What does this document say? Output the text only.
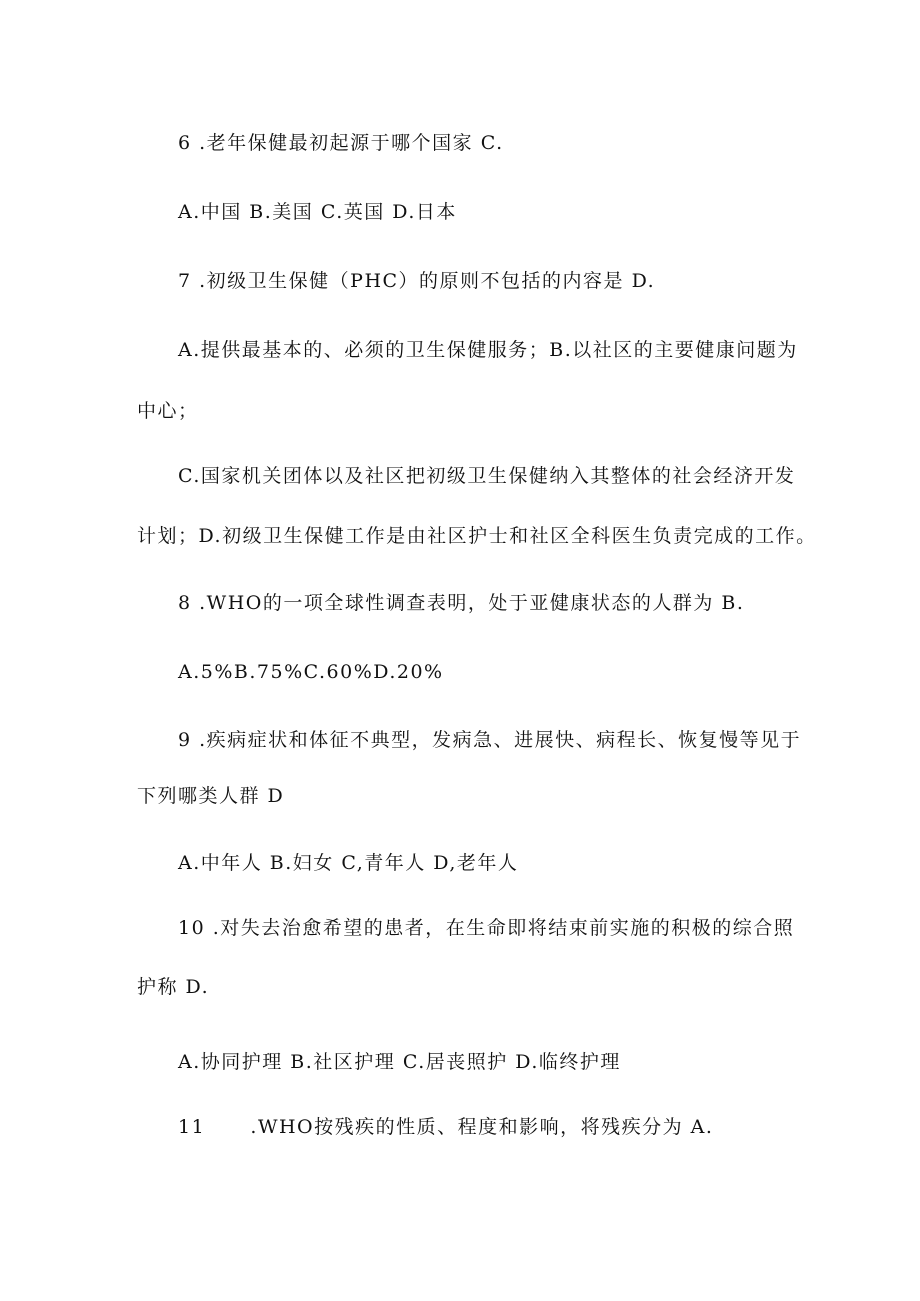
6 .老年保健最初起源于哪个国家 C.
A.中国 B.美国 C.英国 D.日本
7 .初级卫生保健（PHC）的原则不包括的内容是 D.
A.提供最基本的、必须的卫生保健服务；B.以社区的主要健康问题为
中心；
C.国家机关团体以及社区把初级卫生保健纳入其整体的社会经济开发
计划；D.初级卫生保健工作是由社区护士和社区全科医生负责完成的工作。
8 .WHO的一项全球性调查表明，处于亚健康状态的人群为 B.
A.5%B.75%C.60%D.20%
9 .疾病症状和体征不典型，发病急、进展快、病程长、恢复慢等见于
下列哪类人群 D
A.中年人 B.妇女 C,青年人 D,老年人
10 .对失去治愈希望的患者，在生命即将结束前实施的积极的综合照
护称 D.
A.协同护理 B.社区护理 C.居丧照护 D.临终护理
11      .WHO按残疾的性质、程度和影响，将残疾分为 A.
